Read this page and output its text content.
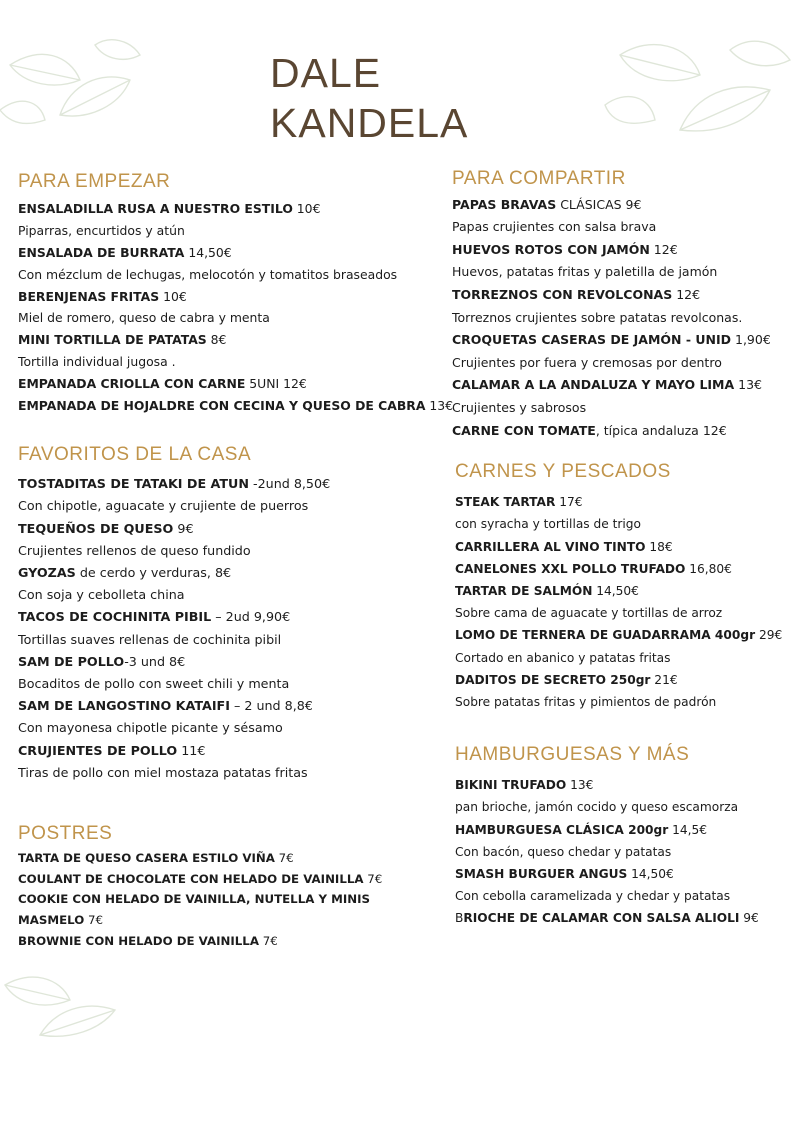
DALE
KANDELA
PARA EMPEZAR
ENSALADILLA RUSA A NUESTRO ESTILO 10€
Piparras, encurtidos y atún
ENSALADA DE BURRATA 14,50€
Con mézclum de lechugas, melocotón y tomatitos braseados
BERENJENAS FRITAS 10€
Miel de romero, queso de cabra y menta
MINI TORTILLA DE PATATAS 8€
Tortilla individual jugosa .
EMPANADA CRIOLLA CON CARNE 5UNI 12€
EMPANADA DE HOJALDRE CON CECINA Y QUESO DE CABRA 13€
FAVORITOS DE LA CASA
TOSTADITAS DE TATAKI DE ATUN -2und 8,50€
Con chipotle, aguacate y crujiente de puerros
TEQUEÑOS DE QUESO 9€
Crujientes rellenos de queso fundido
GYOZAS de cerdo y verduras, 8€
Con soja y cebolleta china
TACOS DE COCHINITA PIBIL – 2ud 9,90€
Tortillas suaves rellenas de cochinita pibil
SAM DE POLLO-3 und 8€
Bocaditos de pollo con sweet chili y menta
SAM DE LANGOSTINO KATAIFI – 2 und 8,8€
Con mayonesa chipotle picante y sésamo
CRUJIENTES DE POLLO 11€
Tiras de pollo con miel mostaza patatas fritas
POSTRES
TARTA DE QUESO CASERA ESTILO VIÑA 7€
COULANT DE CHOCOLATE CON HELADO DE VAINILLA 7€
COOKIE CON HELADO DE VAINILLA, NUTELLA Y MINIS
MASMELO 7€
BROWNIE CON HELADO DE VAINILLA 7€
PARA COMPARTIR
PAPAS BRAVAS CLÁSICAS 9€
Papas crujientes con salsa brava
HUEVOS ROTOS CON JAMÓN 12€
Huevos, patatas fritas y paletilla de jamón
TORREZNOS CON REVOLCONAS 12€
Torreznos crujientes sobre patatas revolconas.
CROQUETAS CASERAS DE JAMÓN - UNID 1,90€
Crujientes por fuera y cremosas por dentro
CALAMAR A LA ANDALUZA Y MAYO LIMA 13€
Crujientes y sabrosos
CARNE CON TOMATE, típica andaluza 12€
CARNES Y PESCADOS
STEAK TARTAR 17€
con syracha y tortillas de trigo
CARRILLERA AL VINO TINTO 18€
CANELONES XXL POLLO TRUFADO 16,80€
TARTAR DE SALMÓN 14,50€
Sobre cama de aguacate y tortillas de arroz
LOMO DE TERNERA DE GUADARRAMA 400gr 29€
Cortado en abanico y patatas fritas
DADITOS DE SECRETO 250gr 21€
Sobre patatas fritas y pimientos de padrón
HAMBURGUESAS Y MÁS
BIKINI TRUFADO 13€
pan brioche, jamón cocido y queso escamorza
HAMBURGUESA CLÁSICA 200gr 14,5€
Con bacón, queso chedar y patatas
SMASH BURGUER ANGUS 14,50€
Con cebolla caramelizada y chedar y patatas
BRIOCHE DE CALAMAR CON SALSA ALIOLI 9€
